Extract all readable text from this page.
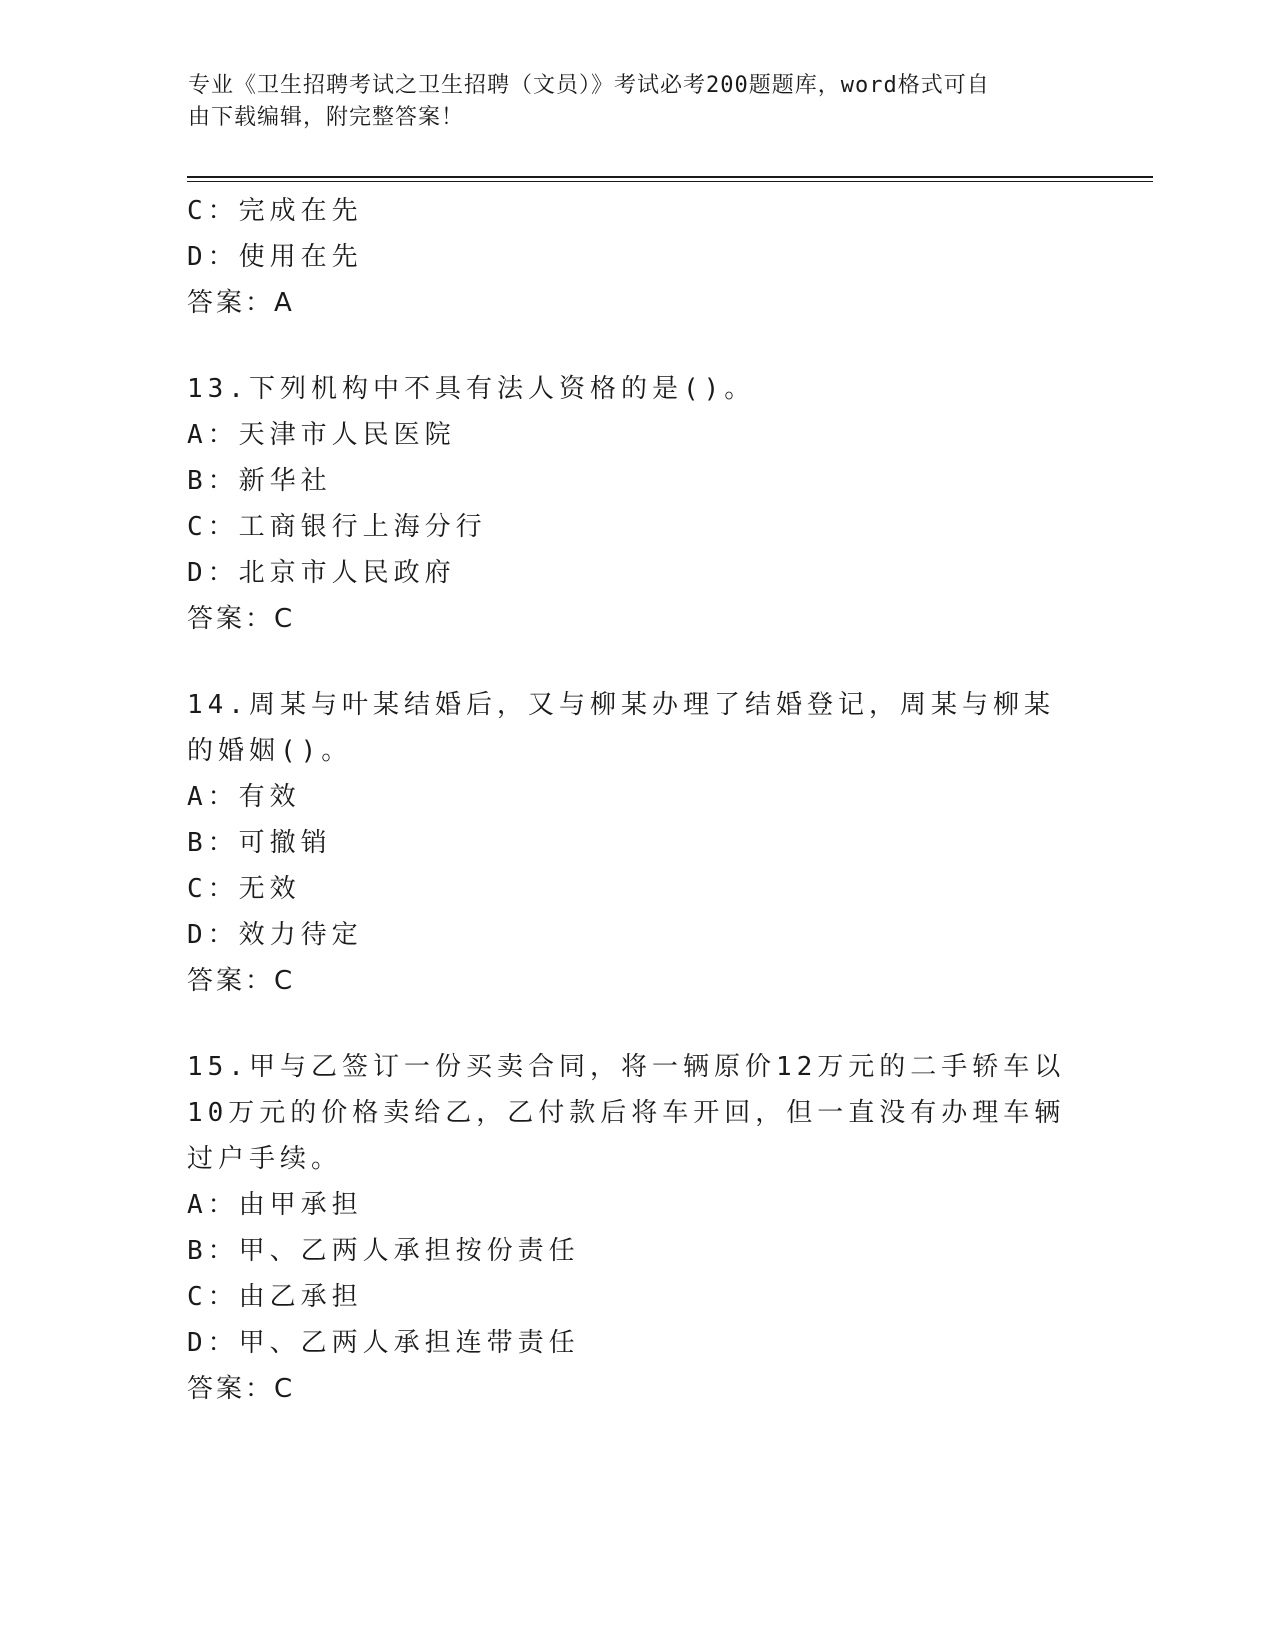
专业《卫生招聘考试之卫生招聘（文员）》考试必考200题题库，word格式可自
由下载编辑，附完整答案！
C：完成在先
D：使用在先
答案：A
13.下列机构中不具有法人资格的是()。
A：天津市人民医院
B：新华社
C：工商银行上海分行
D：北京市人民政府
答案：C
14.周某与叶某结婚后，又与柳某办理了结婚登记，周某与柳某的婚姻()。
A：有效
B：可撤销
C：无效
D：效力待定
答案：C
15.甲与乙签订一份买卖合同，将一辆原价12万元的二手轿车以10万元的价格卖给乙，乙付款后将车开回，但一直没有办理车辆过户手续。
A：由甲承担
B：甲、乙两人承担按份责任
C：由乙承担
D：甲、乙两人承担连带责任
答案：C
